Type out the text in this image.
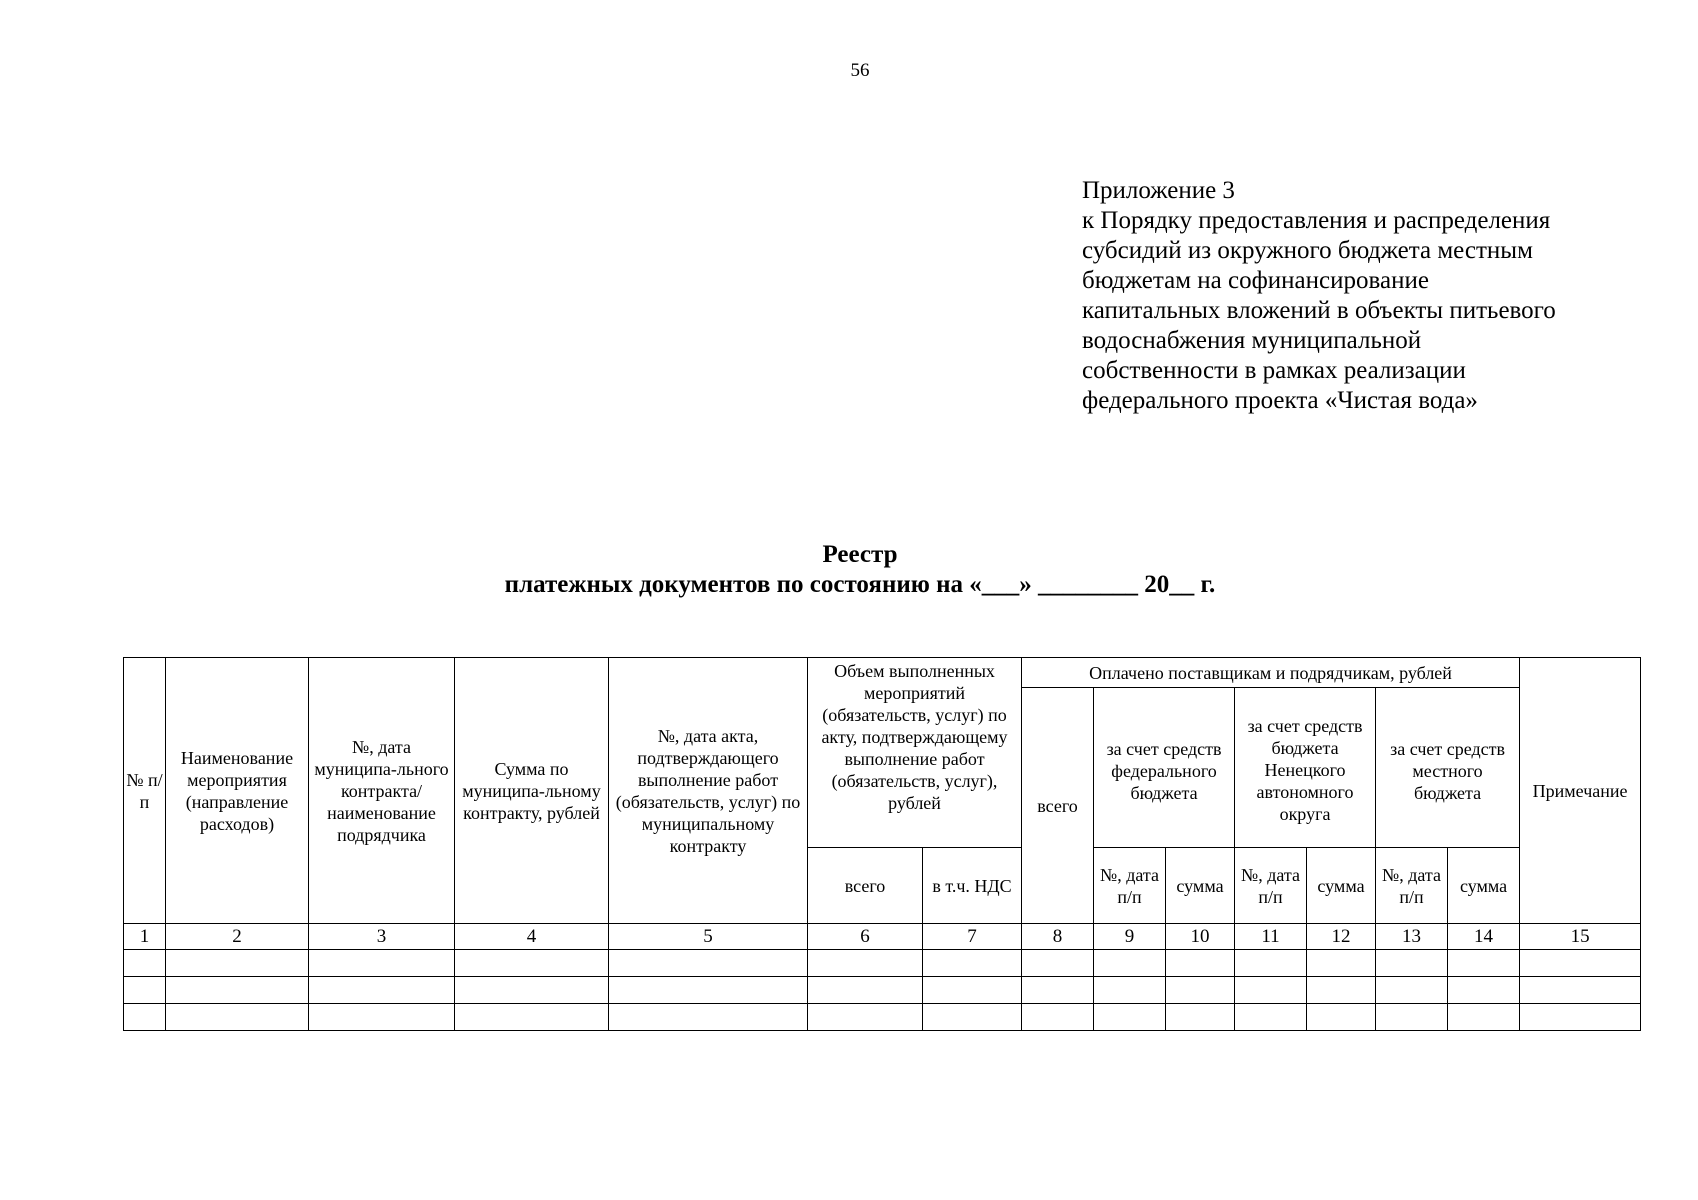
56
Приложение 3
к Порядку предоставления и распределения
субсидий из окружного бюджета местным
бюджетам на софинансирование
капитальных вложений в объекты питьевого
водоснабжения муниципальной
собственности в рамках реализации
федерального проекта «Чистая вода»
Реестр
платежных документов по состоянию на «___» ________ 20__ г.
№ п/п	Наименование мероприятия (направление расходов)	№, дата муниципа-льного контракта/ наименование подрядчика	Сумма по муниципа-льному контракту, рублей	№, дата акта, подтверждающего выполнение работ (обязательств, услуг) по муниципальному контракту	Объем выполненных мероприятий (обязательств, услуг) по акту, подтверждающему выполнение работ (обязательств, услуг), рублей		Оплачено поставщикам и подрядчикам, рублей							Примечание
							всего	за счет средств федерального бюджета		за счет средств бюджета Ненецкого автономного округа		за счет средств местного бюджета		
					всего	в т.ч. НДС		№, дата п/п	сумма	№, дата п/п	сумма	№, дата п/п	сумма	
1	2	3	4	5	6	7	8	9	10	11	12	13	14	15
